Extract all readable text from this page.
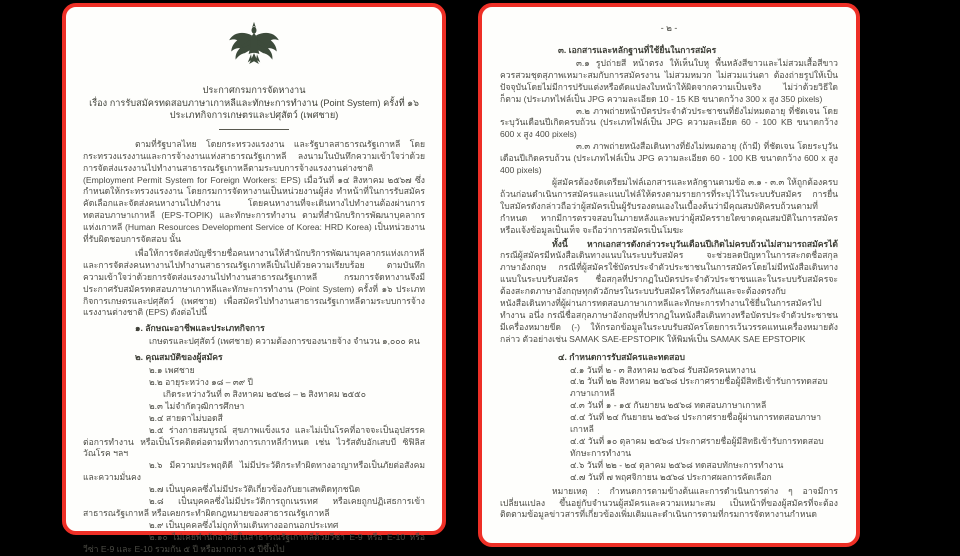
ประกาศกรมการจัดหางาน
เรื่อง การรับสมัครทดสอบภาษาเกาหลีและทักษะการทำงาน (Point System) ครั้งที่ ๑๖
ประเภทกิจการเกษตรและปศุสัตว์ (เพศชาย)
ตามที่รัฐบาลไทย โดยกระทรวงแรงงาน และรัฐบาลสาธารณรัฐเกาหลี โดยกระทรวงแรงงานและการจ้างงานแห่งสาธารณรัฐเกาหลี ลงนามในบันทึกความเข้าใจว่าด้วยการจัดส่งแรงงานไปทำงานสาธารณรัฐเกาหลีตามระบบการจ้างแรงงานต่างชาติ (Employment Permit System for Foreign Workers: EPS) เมื่อวันที่ ๑๔ สิงหาคม ๒๕๖๗ ซึ่งกำหนดให้กระทรวงแรงงาน โดยกรมการจัดหางานเป็นหน่วยงานผู้ส่ง ทำหน้าที่ในการรับสมัครคัดเลือกและจัดส่งคนหางานไปทำงาน โดยคนหางานที่จะเดินทางไปทำงานต้องผ่านการทดสอบภาษาเกาหลี (EPS-TOPIK) และทักษะการทำงาน ตามที่สำนักบริการพัฒนาบุคลากรแห่งเกาหลี (Human Resources Development Service of Korea: HRD Korea) เป็นหน่วยงานที่รับผิดชอบการจัดสอบ นั้น
เพื่อให้การจัดส่งบัญชีรายชื่อคนหางานให้สำนักบริการพัฒนาบุคลากรแห่งเกาหลี และการจัดส่งคนหางานไปทำงานสาธารณรัฐเกาหลีเป็นไปด้วยความเรียบร้อย ตามบันทึกความเข้าใจว่าด้วยการจัดส่งแรงงานไปทำงานสาธารณรัฐเกาหลี กรมการจัดหางานจึงมีประกาศรับสมัครทดสอบภาษาเกาหลีและทักษะการทำงาน (Point System) ครั้งที่ ๑๖ ประเภทกิจการเกษตรและปศุสัตว์ (เพศชาย) เพื่อสมัครไปทำงานสาธารณรัฐเกาหลีตามระบบการจ้างแรงงานต่างชาติ (EPS) ดังต่อไปนี้
๑. ลักษณะอาชีพและประเภทกิจการ
เกษตรและปศุสัตว์ (เพศชาย) ความต้องการของนายจ้าง จำนวน ๑,๐๐๐ คน
๒. คุณสมบัติของผู้สมัคร
๒.๑ เพศชาย
๒.๒ อายุระหว่าง ๑๘ – ๓๙ ปี
เกิดระหว่างวันที่ ๓ สิงหาคม ๒๕๒๘ – ๒ สิงหาคม ๒๕๕๐
๒.๓ ไม่จำกัดวุฒิการศึกษา
๒.๔ สายตาไม่บอดสี
๒.๕ ร่างกายสมบูรณ์ สุขภาพแข็งแรง และไม่เป็นโรคที่อาจจะเป็นอุปสรรคต่อการทำงาน หรือเป็นโรคติดต่อตามที่ทางการเกาหลีกำหนด เช่น ไวรัสตับอักเสบบี ซิฟิลิส วัณโรค ฯลฯ
๒.๖ มีความประพฤติดี ไม่มีประวัติกระทำผิดทางอาญาหรือเป็นภัยต่อสังคมและความมั่นคง
๒.๗ เป็นบุคคลซึ่งไม่มีประวัติเกี่ยวข้องกับยาเสพติดทุกชนิด
๒.๘ เป็นบุคคลซึ่งไม่มีประวัติการถูกเนรเทศ หรือเคยถูกปฏิเสธการเข้าสาธารณรัฐเกาหลี หรือเคยกระทำผิดกฎหมายของสาธารณรัฐเกาหลี
๒.๙ เป็นบุคคลซึ่งไม่ถูกห้ามเดินทางออกนอกประเทศ
๒.๑๐ ไม่เคยพำนักอาศัยในสาธารณรัฐเกาหลีด้วยวีซ่า E-9 หรือ E-10 หรือ วีซ่า E-9 และ E-10 รวมกัน ๕ ปี หรือมากกว่า ๕ ปีขึ้นไป
- ๒ -
๓. เอกสารและหลักฐานที่ใช้ยื่นในการสมัคร
๓.๑ รูปถ่ายสี หน้าตรง ให้เห็นใบหู พื้นหลังสีขาวและไม่สวมเสื้อสีขาว ควรสวมชุดสุภาพเหมาะสมกับการสมัครงาน ไม่สวมหมวก ไม่สวมแว่นตา ต้องถ่ายรูปให้เป็นปัจจุบันโดยไม่มีการปรับแต่งหรือดัดแปลงใบหน้าให้ผิดจากความเป็นจริง ไม่ว่าด้วยวิธีใดก็ตาม (ประเภทไฟล์เป็น JPG ความละเอียด 10 - 15 KB ขนาดกว้าง 300 x สูง 350 pixels)
๓.๒ ภาพถ่ายหน้าบัตรประจำตัวประชาชนที่ยังไม่หมดอายุ ที่ชัดเจน โดยระบุวันเดือนปีเกิดครบถ้วน (ประเภทไฟล์เป็น JPG ความละเอียด 60 - 100 KB ขนาดกว้าง 600 x สูง 400 pixels)
๓.๓ ภาพถ่ายหนังสือเดินทางที่ยังไม่หมดอายุ (ถ้ามี) ที่ชัดเจน โดยระบุวันเดือนปีเกิดครบถ้วน (ประเภทไฟล์เป็น JPG ความละเอียด 60 - 100 KB ขนาดกว้าง 600 x สูง 400 pixels)
ผู้สมัครต้องจัดเตรียมไฟล์เอกสารและหลักฐานตามข้อ ๓.๑ - ๓.๓ ให้ถูกต้องครบถ้วนก่อนดำเนินการสมัครและแนบไฟล์ให้ตรงตามรายการที่ระบุไว้ในระบบรับสมัคร การยื่นใบสมัครดังกล่าวถือว่าผู้สมัครเป็นผู้รับรองตนเองในเบื้องต้นว่ามีคุณสมบัติครบถ้วนตามที่กำหนด หากมีการตรวจสอบในภายหลังและพบว่าผู้สมัครรายใดขาดคุณสมบัติในการสมัครหรือแจ้งข้อมูลเป็นเท็จ จะถือว่าการสมัครเป็นโมฆะ
ทั้งนี้ หากเอกสารดังกล่าวระบุวันเดือนปีเกิดไม่ครบถ้วนไม่สามารถสมัครได้ กรณีผู้สมัครมีหนังสือเดินทางแนบในระบบรับสมัคร จะช่วยลดปัญหาในการสะกดชื่อสกุลภาษาอังกฤษ กรณีที่ผู้สมัครใช้บัตรประจำตัวประชาชนในการสมัครโดยไม่มีหนังสือเดินทางแนบในระบบรับสมัคร ชื่อสกุลที่ปรากฏในบัตรประจำตัวประชาชนและในระบบรับสมัครจะต้องสะกดภาษาอังกฤษทุกตัวอักษรในระบบรับสมัครให้ตรงกันและจะต้องตรงกับหนังสือเดินทางที่ผู้ผ่านการทดสอบภาษาเกาหลีและทักษะการทำงานใช้ยื่นในการสมัครไปทำงาน อนึ่ง กรณีชื่อสกุลภาษาอังกฤษที่ปรากฏในหนังสือเดินทางหรือบัตรประจำตัวประชาชนมีเครื่องหมายขีด (-) ให้กรอกข้อมูลในระบบรับสมัครโดยการเว้นวรรคแทนเครื่องหมายดังกล่าว ตัวอย่างเช่น SAMAK SAE-EPSTOPIK ให้พิมพ์เป็น SAMAK SAE EPSTOPIK
๔. กำหนดการรับสมัครและทดสอบ
๔.๑ วันที่ ๒ - ๓ สิงหาคม ๒๕๖๘ รับสมัครคนหางาน
๔.๒ วันที่ ๒๒ สิงหาคม ๒๕๖๘ ประกาศรายชื่อผู้มีสิทธิเข้ารับการทดสอบภาษาเกาหลี
๔.๓ วันที่ ๑ - ๑๕ กันยายน ๒๕๖๘ ทดสอบภาษาเกาหลี
๔.๔ วันที่ ๒๔ กันยายน ๒๕๖๘ ประกาศรายชื่อผู้ผ่านการทดสอบภาษาเกาหลี
๔.๕ วันที่ ๑๐ ตุลาคม ๒๕๖๘ ประกาศรายชื่อผู้มีสิทธิเข้ารับการทดสอบทักษะการทำงาน
๔.๖ วันที่ ๒๒ - ๒๔ ตุลาคม ๒๕๖๘ ทดสอบทักษะการทำงาน
๔.๗ วันที่ ๗ พฤศจิกายน ๒๕๖๘ ประกาศผลการคัดเลือก
หมายเหตุ : กำหนดการตามข้างต้นและการดำเนินการต่าง ๆ อาจมีการเปลี่ยนแปลง ขึ้นอยู่กับจำนวนผู้สมัครและความเหมาะสม เป็นหน้าที่ของผู้สมัครที่จะต้องติดตามข้อมูลข่าวสารที่เกี่ยวข้องเพิ่มเติมและดำเนินการตามที่กรมการจัดหางานกำหนด
